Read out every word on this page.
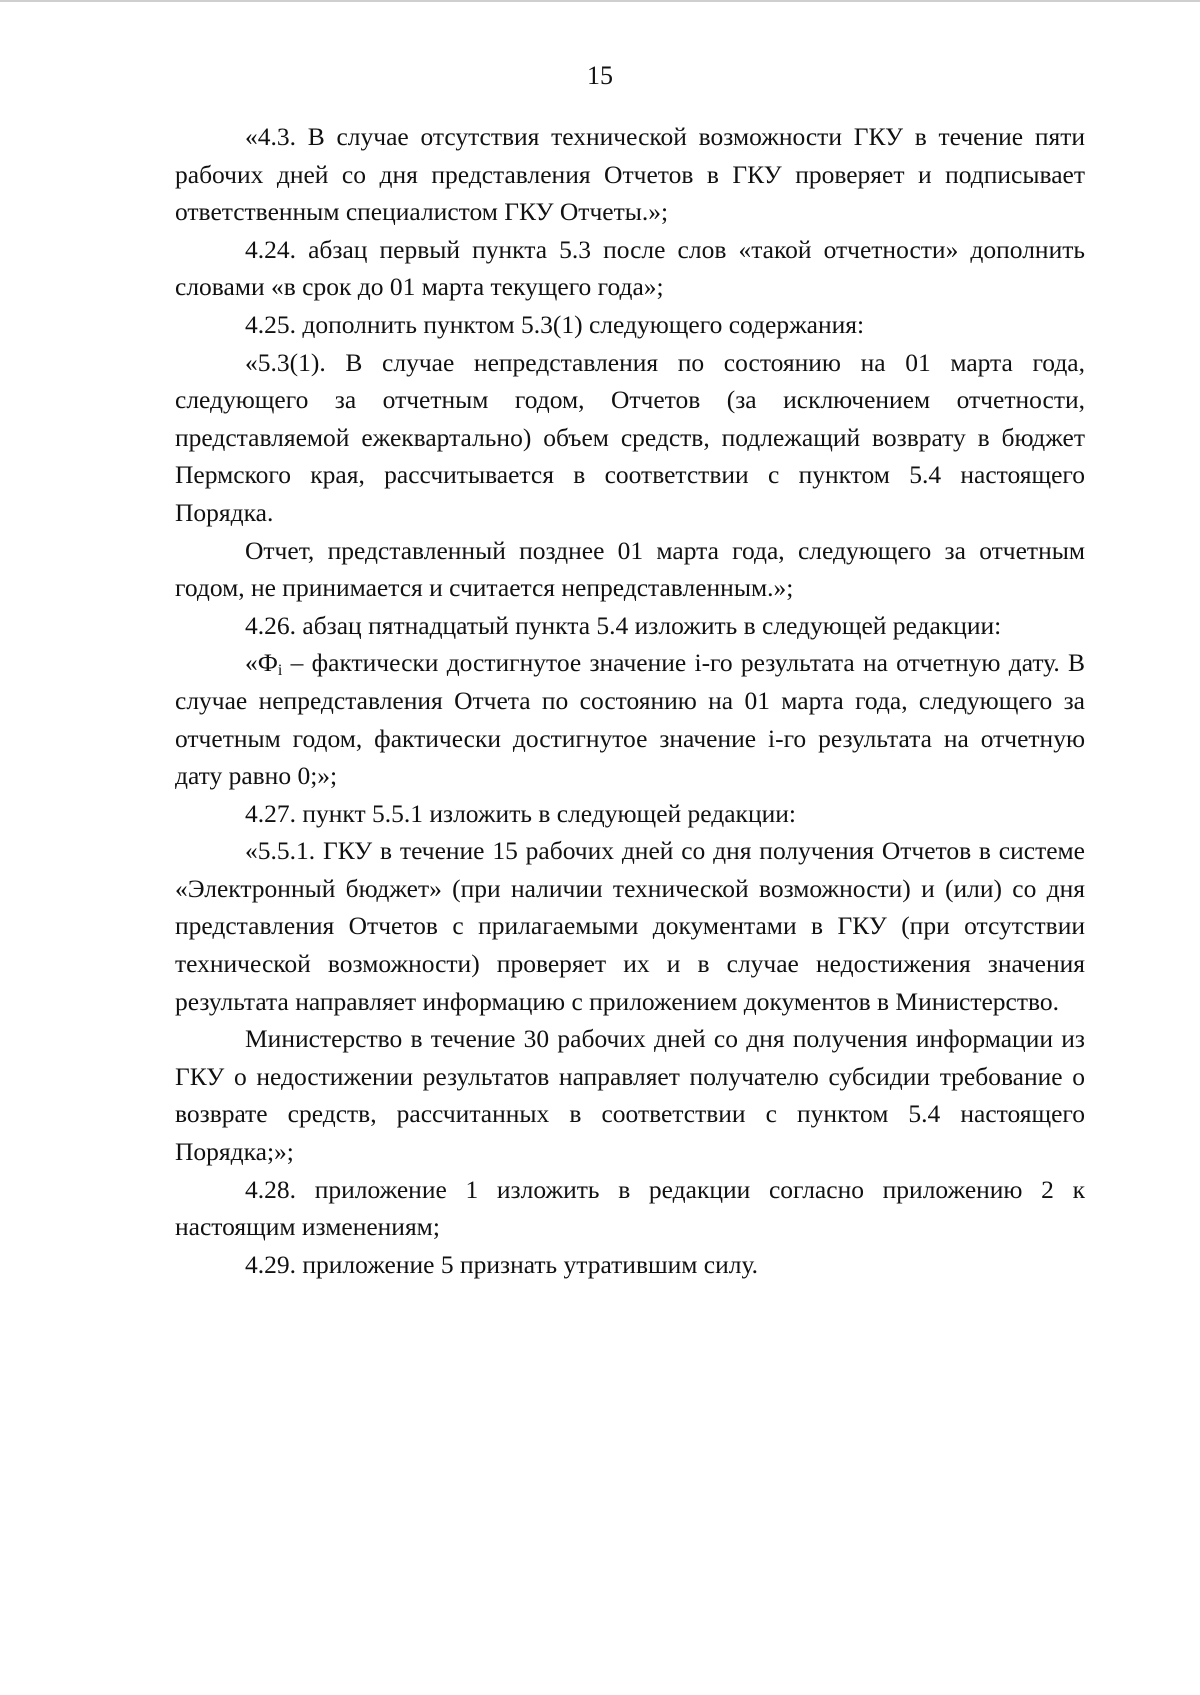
15

«4.3. В случае отсутствия технической возможности ГКУ в течение пяти рабочих дней со дня представления Отчетов в ГКУ проверяет и подписывает ответственным специалистом ГКУ Отчеты.»;

4.24. абзац первый пункта 5.3 после слов «такой отчетности» дополнить словами «в срок до 01 марта текущего года»;

4.25. дополнить пунктом 5.3(1) следующего содержания:

«5.3(1). В случае непредставления по состоянию на 01 марта года, следующего за отчетным годом, Отчетов (за исключением отчетности, представляемой ежеквартально) объем средств, подлежащий возврату в бюджет Пермского края, рассчитывается в соответствии с пунктом 5.4 настоящего Порядка.

Отчет, представленный позднее 01 марта года, следующего за отчетным годом, не принимается и считается непредставленным.»;

4.26. абзац пятнадцатый пункта 5.4 изложить в следующей редакции:

«$Ф_i$ – фактически достигнутое значение i-го результата на отчетную дату. В случае непредставления Отчета по состоянию на 01 марта года, следующего за отчетным годом, фактически достигнутое значение i-го результата на отчетную дату равно 0;»;

4.27. пункт 5.5.1 изложить в следующей редакции:

«5.5.1. ГКУ в течение 15 рабочих дней со дня получения Отчетов в системе «Электронный бюджет» (при наличии технической возможности) и (или) со дня представления Отчетов с прилагаемыми документами в ГКУ (при отсутствии технической возможности) проверяет их и в случае недостижения значения результата направляет информацию с приложением документов в Министерство.

Министерство в течение 30 рабочих дней со дня получения информации из ГКУ о недостижении результатов направляет получателю субсидии требование о возврате средств, рассчитанных в соответствии с пунктом 5.4 настоящего Порядка;»;

4.28. приложение 1 изложить в редакции согласно приложению 2 к настоящим изменениям;

4.29. приложение 5 признать утратившим силу.
